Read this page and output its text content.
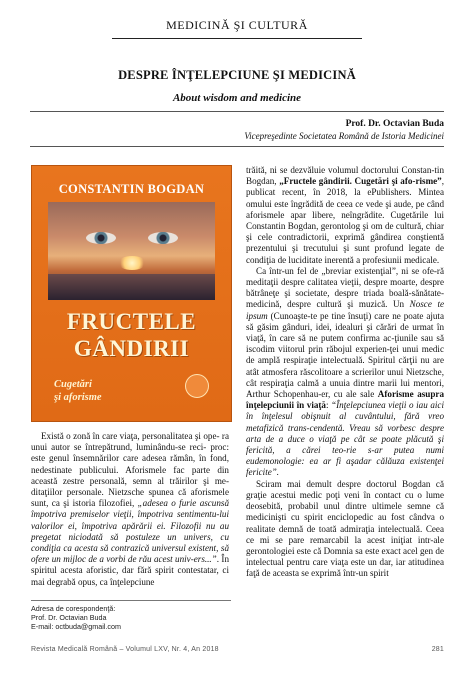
MEDICINĂ ŞI CULTURĂ
DESPRE ÎNŢELEPCIUNE ŞI MEDICINĂ
About wisdom and medicine
Prof. Dr. Octavian Buda
Vicepreşedinte Societatea Română de Istoria Medicinei
CONSTANTIN BOGDAN
FRUCTELE
GÂNDIRII
Cugetări
şi aforisme

Există o zonă în care viaţa, personalitatea şi ope- ra unui autor se întrepătrund, luminându-se reci- proc: este genul însemnărilor care adesea rămân, în fond, nedestinate publicului. Aforismele fac parte din această zestre personală, semn al trăirilor şi me- ditaţiilor personale. Nietzsche spunea că aforismele sunt, ca şi istoria filozofiei, „adesea o furie ascunsă împotriva premiselor vieţii, împotriva sentimentu-lui valorilor ei, împotriva apărării ei. Filozofii nu au pregetat niciodată să postuleze un univers, cu condiţia ca acesta să contrazică universul existent, să ofere un mijloc de a vorbi de rău acest univ-ers...”. În spiritul acesta aforistic, dar fără spirit contestatar, ci mai degrabă opus, ca înţelepciune

trăită, ni se dezvăluie volumul doctorului Constan-tin Bogdan, „Fructele gândirii. Cugetări şi afo-risme”, publicat recent, în 2018, la ePublishers. Mintea omului este îngrădită de ceea ce vede şi aude, pe când aforismele apar libere, neîngrădite. Cugetările lui Constantin Bogdan, gerontolog şi om de cultură, chiar şi cele contradictorii, exprimă gândirea conştientă prezentului şi trecutului şi sunt profund legate de condiţia de luciditate inerentă a profesiunii medicale.

Ca într-un fel de „breviar existenţial”, ni se ofe-ră meditaţii despre calitatea vieţii, despre moarte, despre bătrâneţe şi societate, despre triada boală-sănătate-medicină, despre cultură şi muzică. Un Nosce te ipsum (Cunoaşte-te pe tine însuţi) care ne poate ajuta să găsim gânduri, idei, idealuri şi cărări de urmat în viaţă, în care să ne putem confirma ac-ţiunile sau să iscodim viitorul prin răbojul experien-ţei unui medic de amplă respiraţie intelectuală. Spiritul cărţii nu are atât atmosfera răscolitoare a scrierilor unui Nietzsche, cât respiraţia calmă a unuia dintre marii lui mentori, Arthur Schopenhau-er, cu ale sale Aforisme asupra înţelepciunii în viaţă: “Înţelepciunea vieţii o iau aici în înţelesul obişnuit al cuvântului, fără vreo metafizică trans-cendentă. Vreau să vorbesc despre arta de a duce o viaţă pe cât se poate plăcută şi fericită, a cărei teo-rie s-ar putea numi eudemonologie: ea ar fi aşadar călăuza existenţei fericite”.

Sciram mai demult despre doctorul Bogdan că graţie acestui medic poţi veni în contact cu o lume deosebită, probabil unul dintre ultimele semne că medicinişti cu spirit enciclopedic au fost cândva o realitate demnă de toată admiraţia intelectuală. Ceea ce mi se pare remarcabil la acest iniţiat intr-ale gerontologiei este că Domnia sa este exact acel gen de intelectual pentru care viaţa este un dar, iar atitudinea faţă de aceasta se exprimă într-un spirit

Adresa de corespondenţă:
Prof. Dr. Octavian Buda
E-mail: octbuda@gmail.com
Revista Medicală Română – Volumul LXV, Nr. 4, An 2018	281
